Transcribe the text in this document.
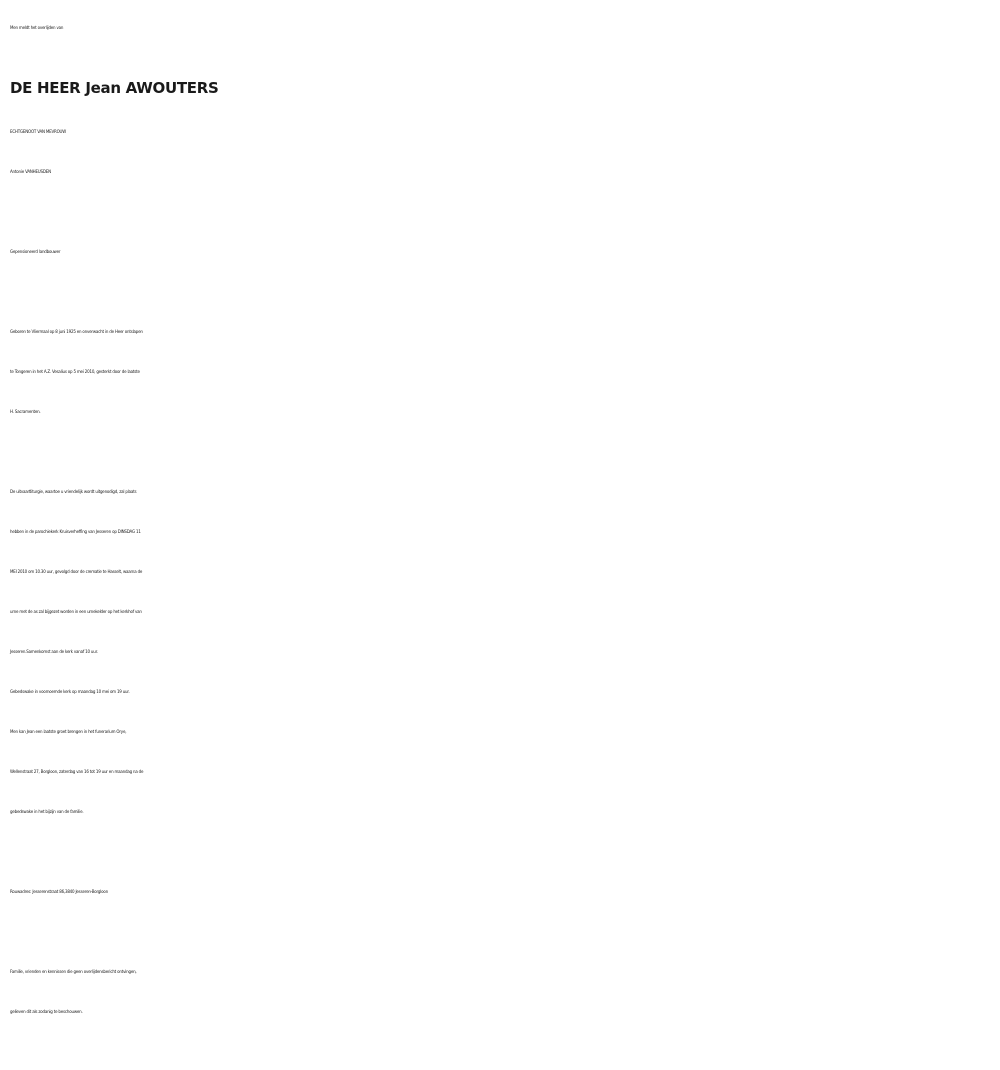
Men meldt het overlijden van
DE HEER Jean AWOUTERS
ECHTGENOOT VAN MEVROUW
Antonie VANHEUSDEN
Gepensioneerd landbouwer
Geboren te Vliermaal op 8 juni 1925 en onverwacht in de Heer ontslapen
te Tongeren in het A.Z. Vesalius op 5 mei 2010, gesterkt door de laatste
H. Sacramenten.
De uitvaartliturgie, waartoe u vriendelijk wordt uitgenodigd, zal plaats
hebben in de parochiekerk Kruisverheffing van Jesseren op DINSDAG 11
MEI 2010 om 10.30 uur, gevolgd door de crematie te Hasselt, waarna de
urne met de as zal bijgezet worden in een urnekelder op het kerkhof van
Jesseren.Samenkomst aan de kerk vanaf 10 uur.
Gebedswake in voornoemde kerk op maandag 10 mei om 19 uur.
Men kan Jean een laatste groet brengen in het funerarium Orye,
Wellenstraat 27, Borgloon, zaterdag van 16 tot 19 uur en maandag na de
gebedswake in het bijzijn van de familie.
Rouwadres: Jesserenstraat 86,3840 Jesseren-Borgloon
Familie, vrienden en kennissen die geen overlijdensbericht ontvingen,
gelieven dit als zodanig te beschouwen.
